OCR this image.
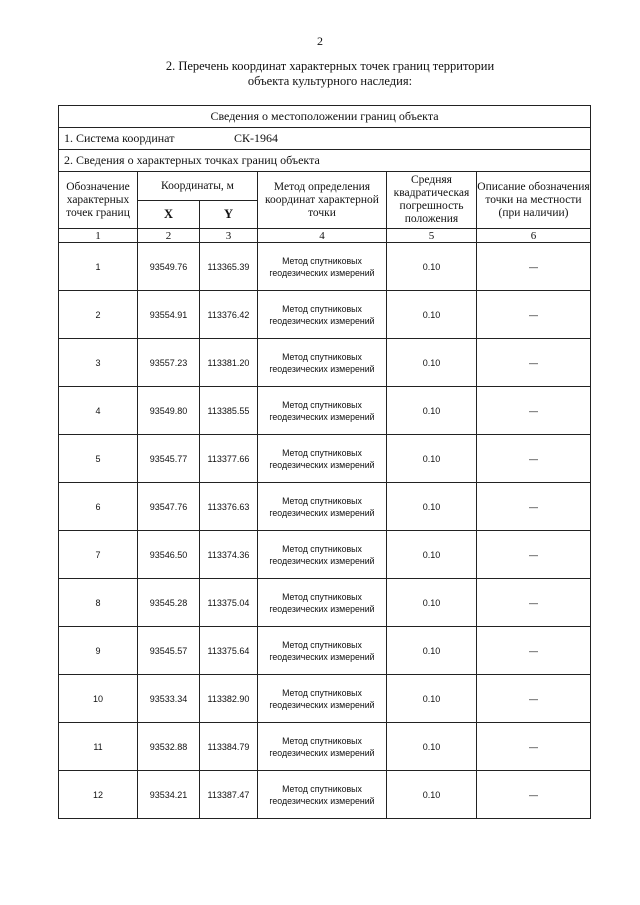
2
2. Перечень координат характерных точек границ территории
объекта культурного наследия:
Сведения о местоположении границ объекта					
1. Система координат СК-1964					
2. Сведения о характерных точках границ объекта					
Обозначение характерных точек границ	Координаты, м		Метод определения координат характерной точки	Средняя квадратическая погрешность положения	Описание обозначения точки на местности (при наличии)
	X	Y			
1	2	3	4	5	6
1	93549.76	113365.39	Метод спутниковых геодезических измерений	0.10	—
2	93554.91	113376.42	Метод спутниковых геодезических измерений	0.10	—
3	93557.23	113381.20	Метод спутниковых геодезических измерений	0.10	—
4	93549.80	113385.55	Метод спутниковых геодезических измерений	0.10	—
5	93545.77	113377.66	Метод спутниковых геодезических измерений	0.10	—
6	93547.76	113376.63	Метод спутниковых геодезических измерений	0.10	—
7	93546.50	113374.36	Метод спутниковых геодезических измерений	0.10	—
8	93545.28	113375.04	Метод спутниковых геодезических измерений	0.10	—
9	93545.57	113375.64	Метод спутниковых геодезических измерений	0.10	—
10	93533.34	113382.90	Метод спутниковых геодезических измерений	0.10	—
11	93532.88	113384.79	Метод спутниковых геодезических измерений	0.10	—
12	93534.21	113387.47	Метод спутниковых геодезических измерений	0.10	—
